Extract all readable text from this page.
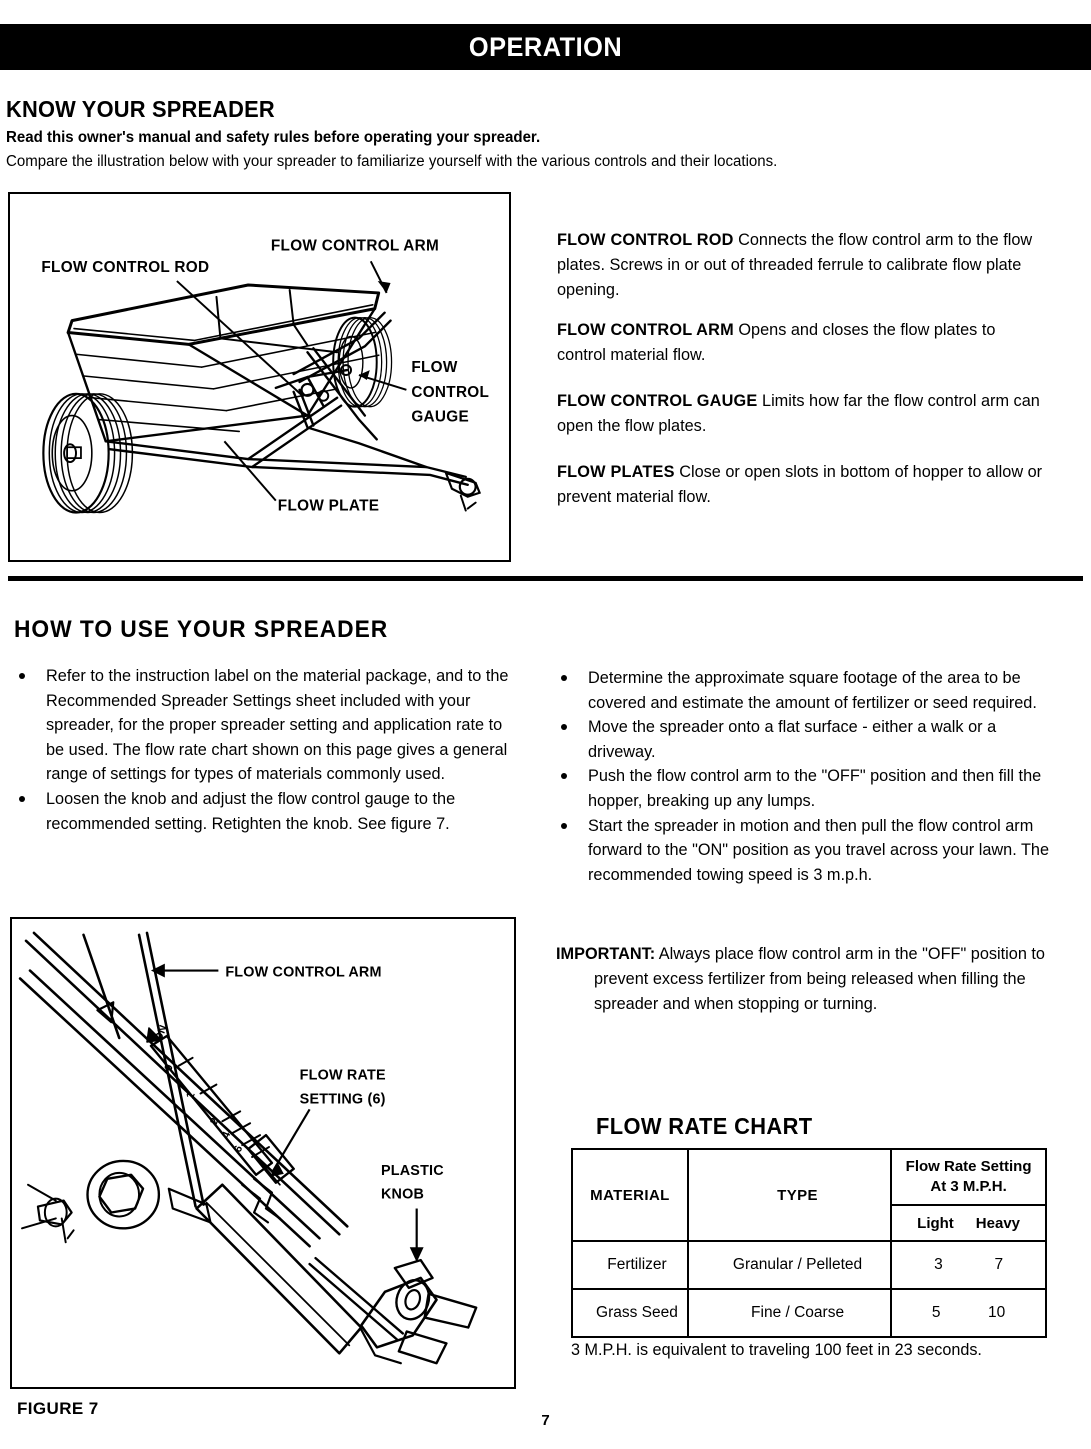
OPERATION
KNOW YOUR SPREADER
Read this owner's manual and safety rules before operating your spreader.
Compare the illustration below with your spreader to familiarize yourself with the various controls and their locations.
FLOW CONTROL ROD
FLOW CONTROL ARM
FLOW
CONTROL
GAUGE
FLOW PLATE
FLOW CONTROL ROD Connects the flow control arm to the flow plates. Screws in or out of threaded ferrule to calibrate flow plate opening.
FLOW CONTROL ARM Opens and closes the flow plates to control material flow.
FLOW CONTROL GAUGE Limits how far the flow control arm can open the flow plates.
FLOW PLATES Close or open slots in bottom of hopper to allow or prevent material flow.
HOW TO USE YOUR SPREADER
Refer to the instruction label on the material package, and to the Recommended Spreader Settings sheet included with your spreader, for the proper spreader setting and application rate to be used. The flow rate chart shown on this page gives a general range of settings for types of materials commonly used.
Loosen the knob and adjust the flow control gauge to the recommended setting. Retighten the knob. See figure 7.
Determine the approximate square footage of the area to be covered and estimate the amount of fertilizer or seed required.
Move the spreader onto a flat surface - either a walk or a driveway.
Push the flow control arm to the "OFF" position and then fill the hopper, breaking up any lumps.
Start the spreader in motion and then pull the flow control arm forward to the "ON" position as you travel across your lawn. The recommended towing speed is 3 m.p.h.
IMPORTANT: Always place flow control arm in the "OFF" position to prevent excess fertilizer from being released when filling the spreader and when stopping or turning.
ON
0
1
2
4
6
FLOW CONTROL ARM
FLOW RATE
SETTING (6)
PLASTIC
KNOB
FIGURE 7
FLOW RATE CHART
MATERIAL	TYPE	Flow Rate Setting
At 3 M.P.H.

		Light Heavy

Fertilizer	Granular / Pelleted	3 7

Grass Seed	Fine / Coarse	5 10
3 M.P.H. is equivalent to traveling 100 feet in 23 seconds.
7
